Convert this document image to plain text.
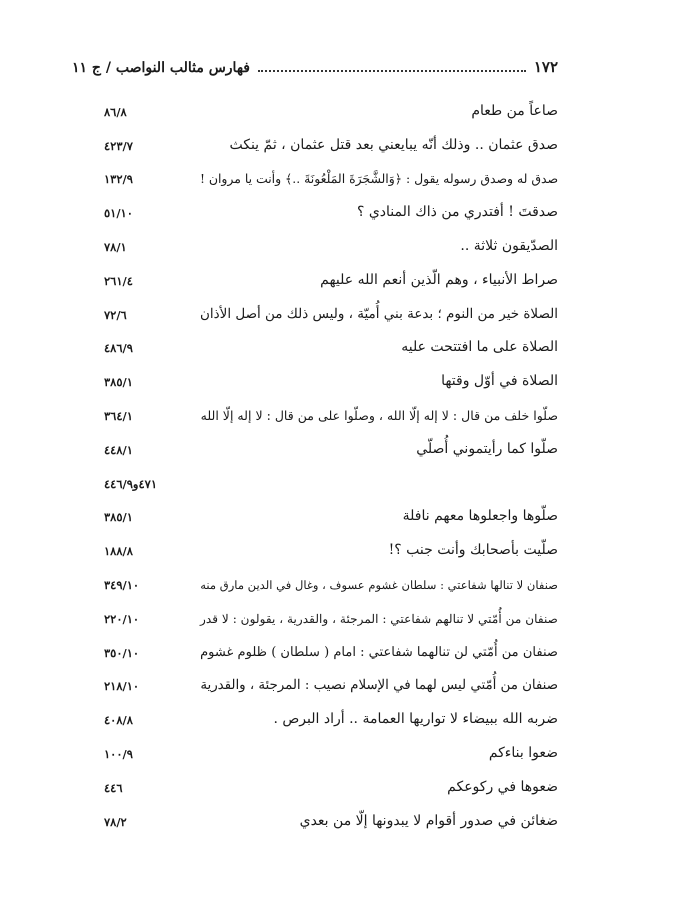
١٧٢
فهارس مثالب النواصب / ج ١١
صاعاً من طعام
٨٦/٨
صدق عثمان .. وذلك أنّه يبايعني بعد قتل عثمان ، ثمّ ينكث
٤٢٣/٧
صدق له وصدق رسوله يقول : ﴿وَالشَّجَرَةَ المَلْعُونَةَ ..﴾ وأنت يا مروان !
١٣٢/٩
صدقتَ ! أفتدري من ذاك المنادي ؟
٥١/١٠
الصدّيقون ثلاثة ..
٧٨/١
صراط الأنبياء ، وهم الّذين أنعم الله عليهم
٢٦١/٤
الصلاة خير من النوم ؛ بدعة بني أُميّة ، وليس ذلك من أصل الأذان
٧٢/٦
الصلاة على ما افتتحت عليه
٤٨٦/٩
الصلاة في أوّل وقتها
٣٨٥/١
صلّوا خلف من قال : لا إله إلّا الله ، وصلّوا على من قال : لا إله إلّا الله
٣٦٤/١
صلّوا كما رأيتموني أُصلّي
٤٤٨/١
٤٧١و٤٤٦/٩
صلّوها واجعلوها معهم نافلة
٣٨٥/١
صلّيت بأصحابك وأنت جنب ؟!
١٨٨/٨
صنفان لا تنالها شفاعتي : سلطان غشوم عسوف ، وغال في الدين مارق منه
٣٤٩/١٠
صنفان من أُمّتي لا تنالهم شفاعتي : المرجئة ، والقدرية ، يقولون : لا قدر
٢٢٠/١٠
صنفان من أُمّتي لن تنالهما شفاعتي : امام ( سلطان ) ظلوم غشوم
٣٥٠/١٠
صنفان من أُمّتي ليس لهما في الإسلام نصيب : المرجئة ، والقدرية
٢١٨/١٠
ضربه الله ببيضاء لا تواريها العمامة .. أراد البرص .
٤٠٨/٨
ضعوا بناءكم
١٠٠/٩
ضعوها في ركوعكم
٤٤٦
ضغائن في صدور أقوام لا يبدونها إلّا من بعدي
٧٨/٢
